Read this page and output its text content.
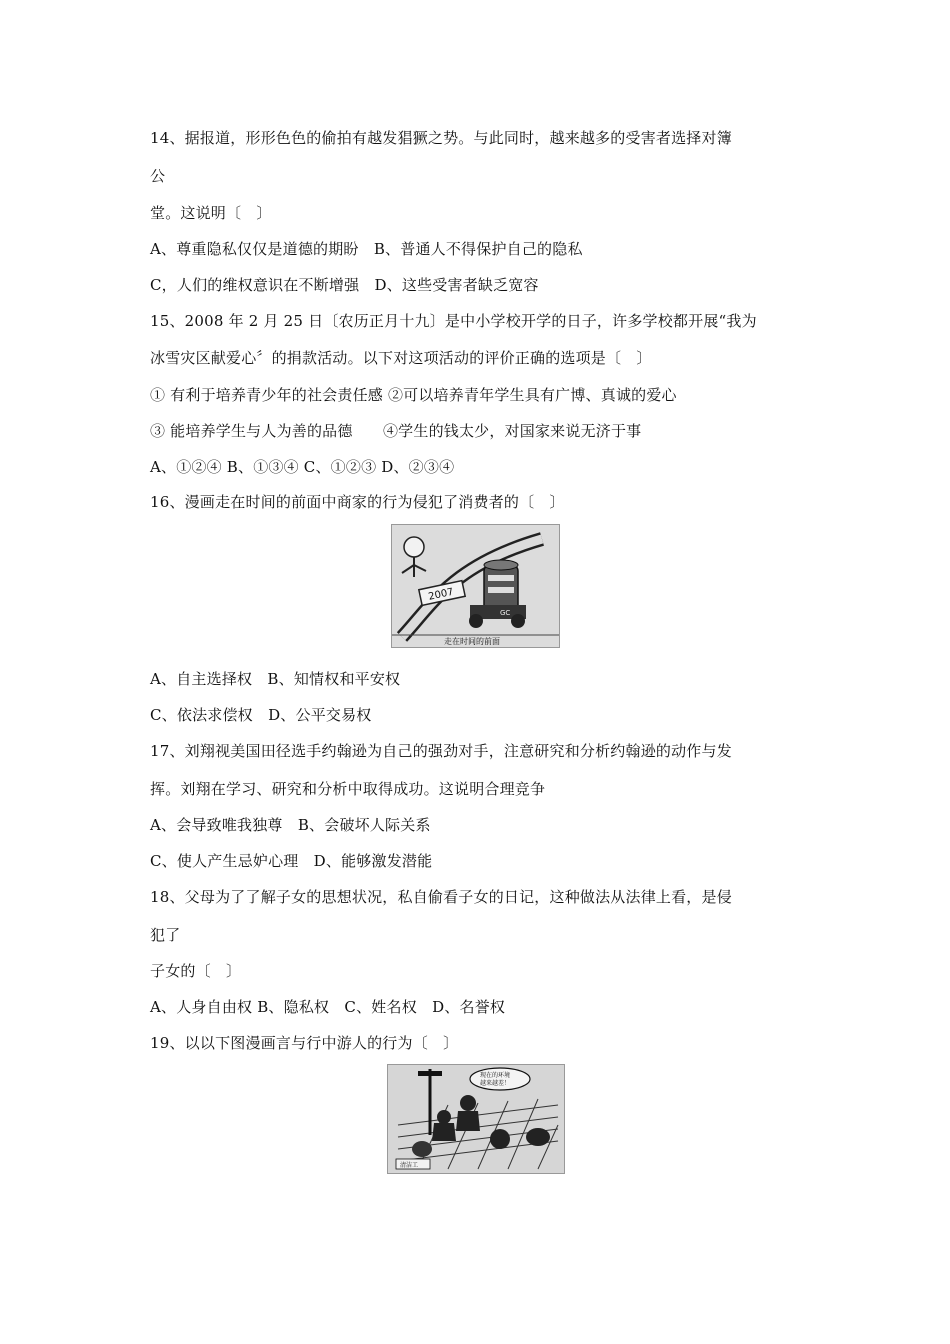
14、据报道，形形色色的偷拍有越发猖獗之势。与此同时，越来越多的受害者选择对簿
公
堂。这说明〔　〕
A、尊重隐私仅仅是道德的期盼　B、普通人不得保护自己的隐私
C，人们的维权意识在不断增强　D、这些受害者缺乏宽容
15、2008 年 2 月 25 日〔农历正月十九〕是中小学校开学的日子，许多学校都开展“我为
冰雪灾区献爱心〞的捐款活动。以下对这项活动的评价正确的选项是〔　〕
① 有利于培养青少年的社会责任感 ②可以培养青年学生具有广博、真诚的爱心
③ 能培养学生与人为善的品德　　④学生的钱太少，对国家来说无济于事
A、①②④ B、①③④ C、①②③ D、②③④
16、漫画走在时间的前面中商家的行为侵犯了消费者的〔　〕
2007
GC
走在时间的前面
A、自主选择权　B、知情权和平安权
C、依法求偿权　D、公平交易权
17、刘翔视美国田径选手约翰逊为自己的强劲对手，注意研究和分析约翰逊的动作与发
挥。刘翔在学习、研究和分析中取得成功。这说明合理竞争
A、会导致唯我独尊　B、会破坏人际关系
C、使人产生忌妒心理　D、能够激发潜能
18、父母为了了解子女的思想状况，私自偷看子女的日记，这种做法从法律上看，是侵
犯了
子女的〔　〕
A、人身自由权 B、隐私权　C、姓名权　D、名誉权
19、以以下图漫画言与行中游人的行为〔　〕
现在的环境
越来越差！
清洁工
